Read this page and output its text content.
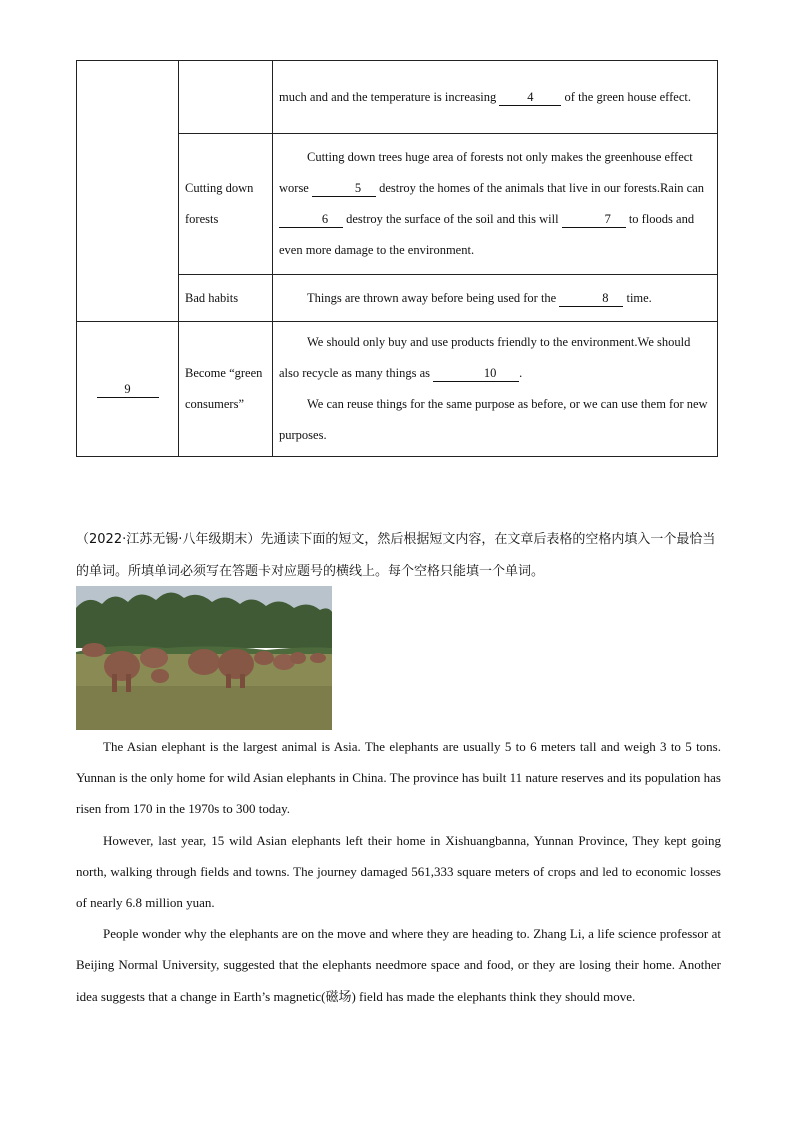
		much and and the temperature is increasing 4 of the green house effect.
	Cutting down forests	Cutting down trees huge area of forests not only makes the greenhouse effect worse 5 destroy the homes of the animals that live in our forests.Rain can 6 destroy the surface of the soil and this will 7 to floods and even more damage to the environment.
	Bad habits	Things are thrown away before being used for the 8 time.
9	Become “green consumers”	We should only buy and use products friendly to the environment.We should also recycle as many things as 10 .

We can reuse things for the same purpose as before, or we can use them for new purposes.

（2022·江苏无锡·八年级期末）先通读下面的短文，然后根据短文内容，在文章后表格的空格内填入一个最恰当的单词。所填单词必须写在答题卡对应题号的横线上。每个空格只能填一个单词。

The Asian elephant is the largest animal is Asia. The elephants are usually 5 to 6 meters tall and weigh 3 to 5 tons. Yunnan is the only home for wild Asian elephants in China. The province has built 11 nature reserves and its population has risen from 170 in the 1970s to 300 today.

However, last year, 15 wild Asian elephants left their home in Xishuangbanna, Yunnan Province, They kept going north, walking through fields and towns. The journey damaged 561,333 square meters of crops and led to economic losses of nearly 6.8 million yuan.

People wonder why the elephants are on the move and where they are heading to. Zhang Li, a life science professor at Beijing Normal University, suggested that the elephants needmore space and food, or they are losing their home. Another idea suggests that a change in Earth’s magnetic(磁场) field has made the elephants think they should move.
